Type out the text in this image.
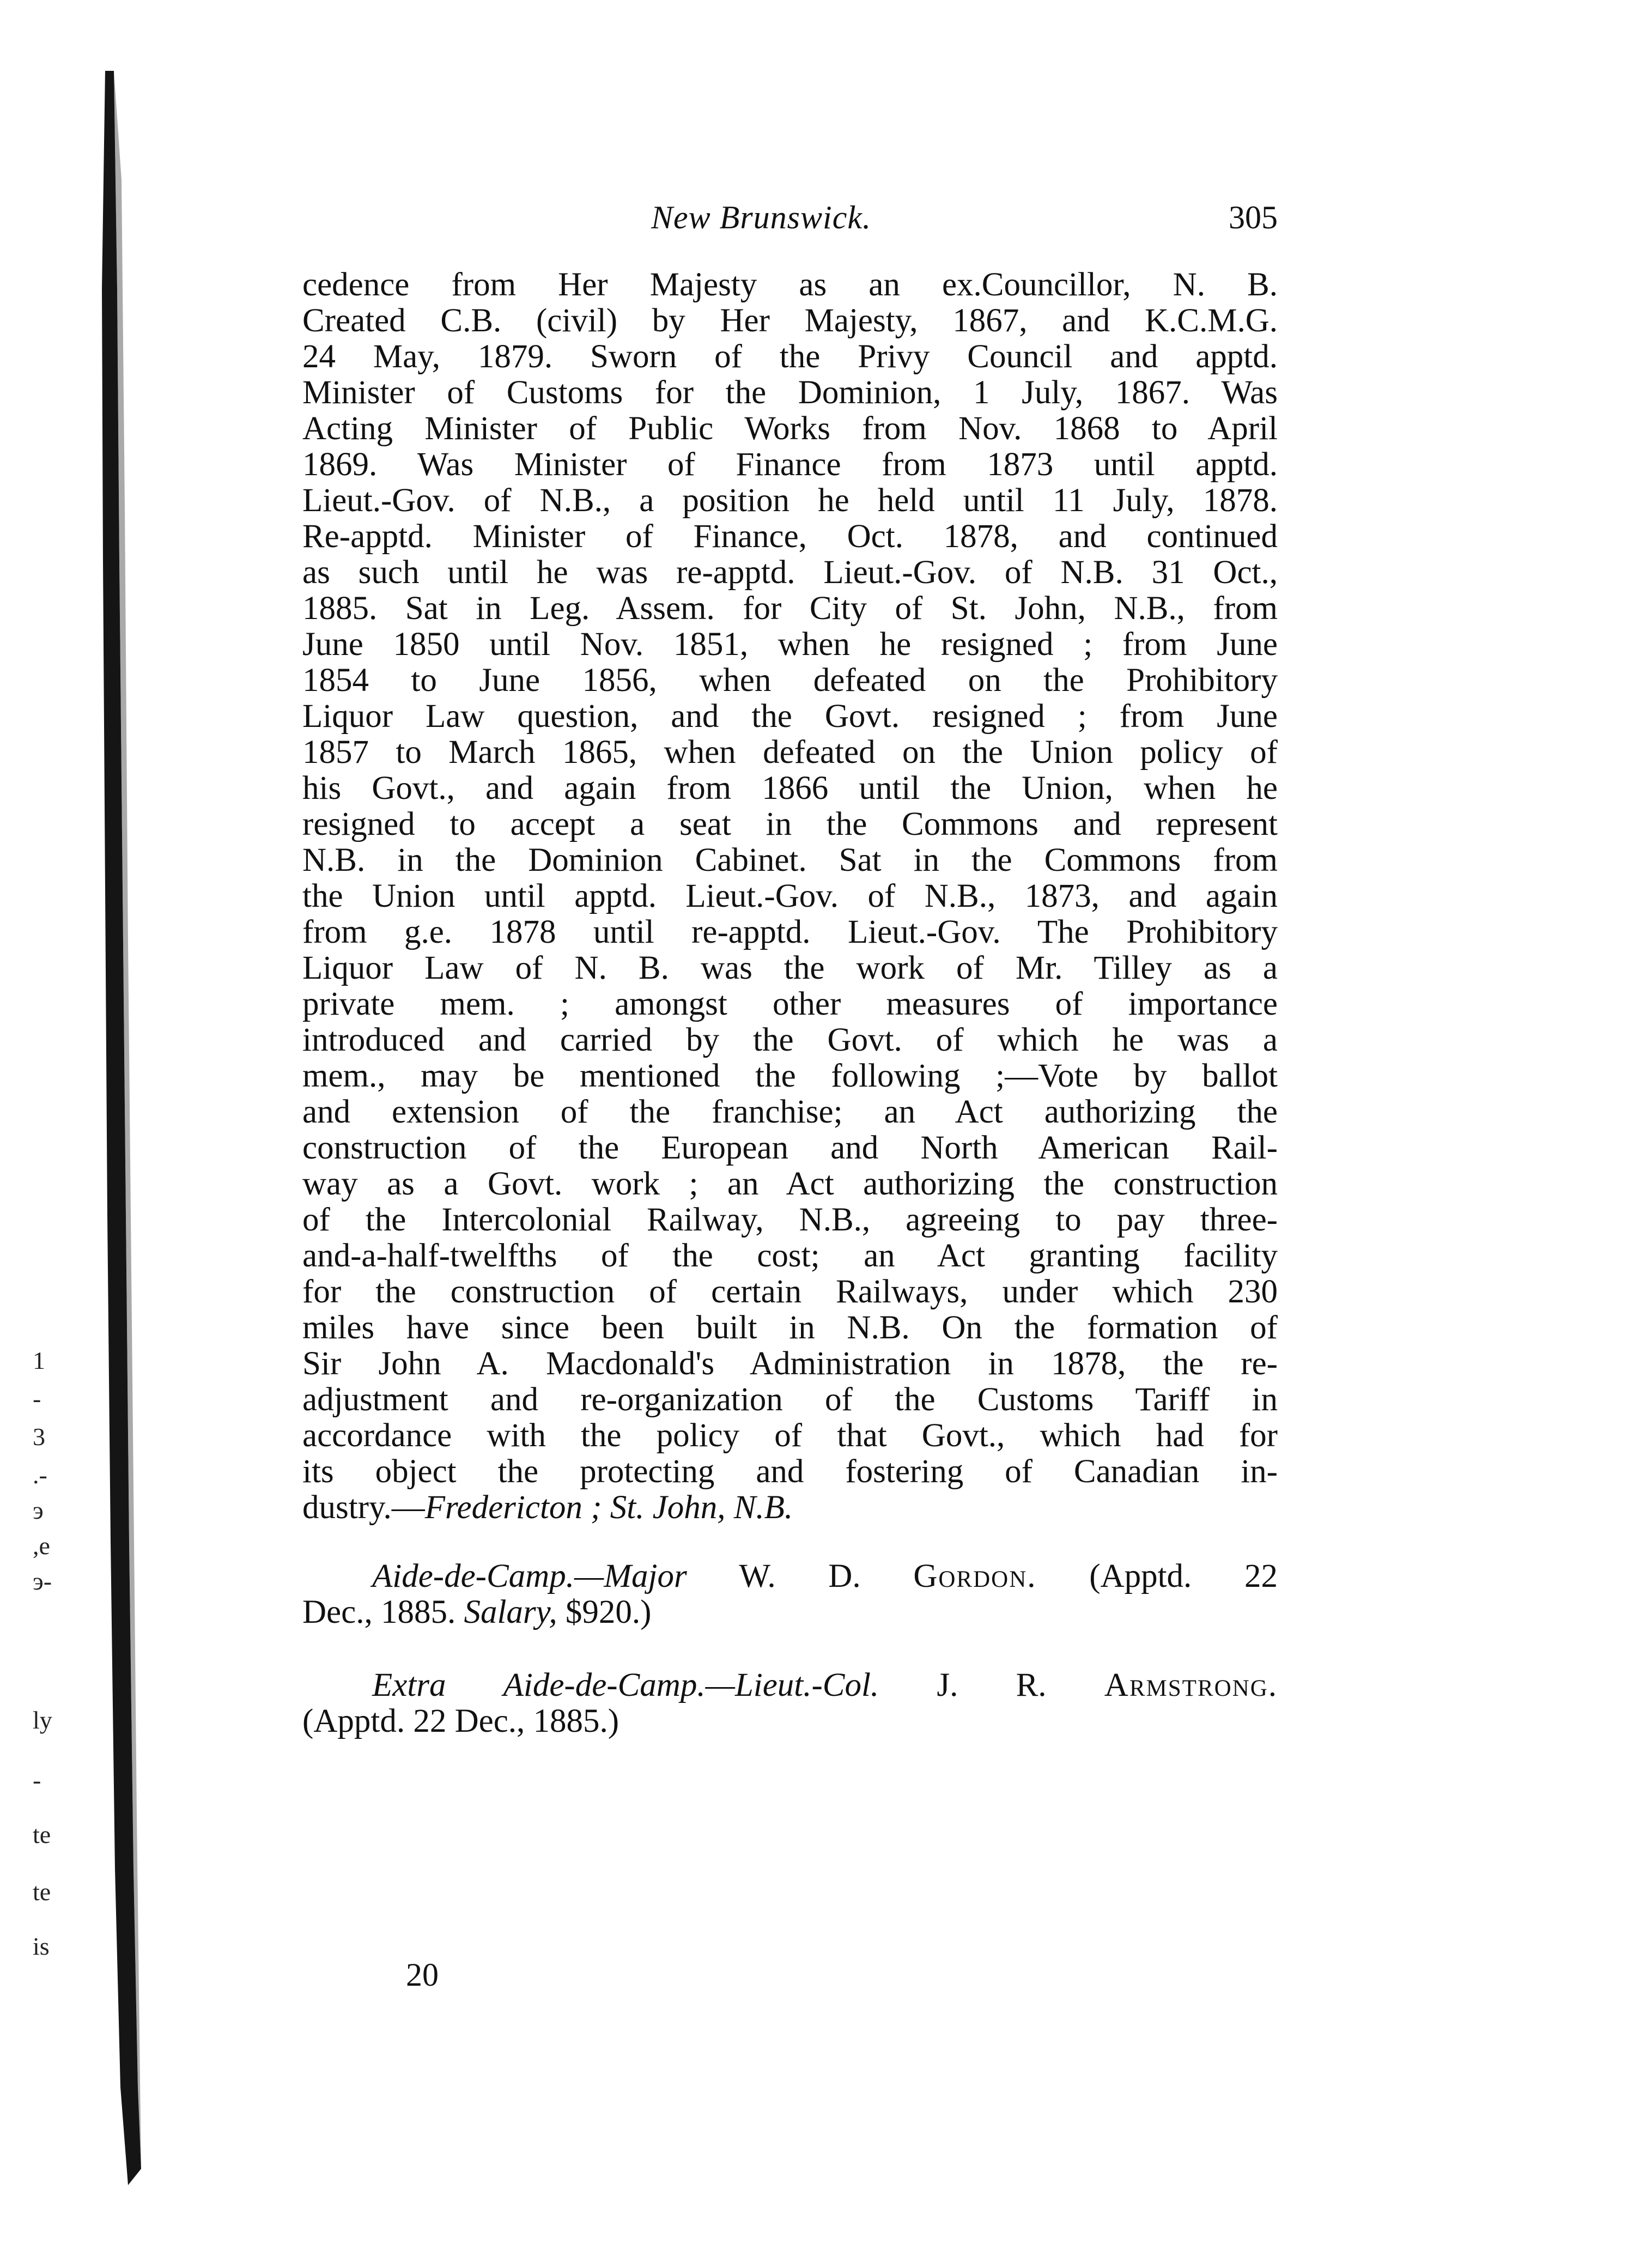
1
-
3
.-
э
,e
э-
ly
-
te
te
is
New Brunswick.	305
cedence from Her Majesty as an ex.Councillor, N. B.
Created C.B. (civil) by Her Majesty, 1867, and K.C.M.G.
24 May, 1879. Sworn of the Privy Council and apptd.
Minister of Customs for the Dominion, 1 July, 1867. Was
Acting Minister of Public Works from Nov. 1868 to April
1869. Was Minister of Finance from 1873 until apptd.
Lieut.-Gov. of N.B., a position he held until 11 July, 1878.
Re-apptd. Minister of Finance, Oct. 1878, and continued
as such until he was re-apptd. Lieut.-Gov. of N.B. 31 Oct.,
1885. Sat in Leg. Assem. for City of St. John, N.B., from
June 1850 until Nov. 1851, when he resigned ; from June
1854 to June 1856, when defeated on the Prohibitory
Liquor Law question, and the Govt. resigned ; from June
1857 to March 1865, when defeated on the Union policy of
his Govt., and again from 1866 until the Union, when he
resigned to accept a seat in the Commons and represent
N.B. in the Dominion Cabinet. Sat in the Commons from
the Union until apptd. Lieut.-Gov. of N.B., 1873, and again
from g.e. 1878 until re-apptd. Lieut.-Gov. The Prohibitory
Liquor Law of N. B. was the work of Mr. Tilley as a
private mem. ; amongst other measures of importance
introduced and carried by the Govt. of which he was a
mem., may be mentioned the following ;—Vote by ballot
and extension of the franchise; an Act authorizing the
construction of the European and North American Rail-
way as a Govt. work ; an Act authorizing the construction
of the Intercolonial Railway, N.B., agreeing to pay three-
and-a-half-twelfths of the cost; an Act granting facility
for the construction of certain Railways, under which 230
miles have since been built in N.B. On the formation of
Sir John A. Macdonald's Administration in 1878, the re-
adjustment and re-organization of the Customs Tariff in
accordance with the policy of that Govt., which had for
its object the protecting and fostering of Canadian in-
dustry.—Fredericton ; St. John, N.B.
Aide-de-Camp.—Major W. D. Gordon. (Apptd. 22
Dec., 1885. Salary, $920.)
Extra Aide-de-Camp.—Lieut.-Col. J. R. Armstrong.
(Apptd. 22 Dec., 1885.)
20
